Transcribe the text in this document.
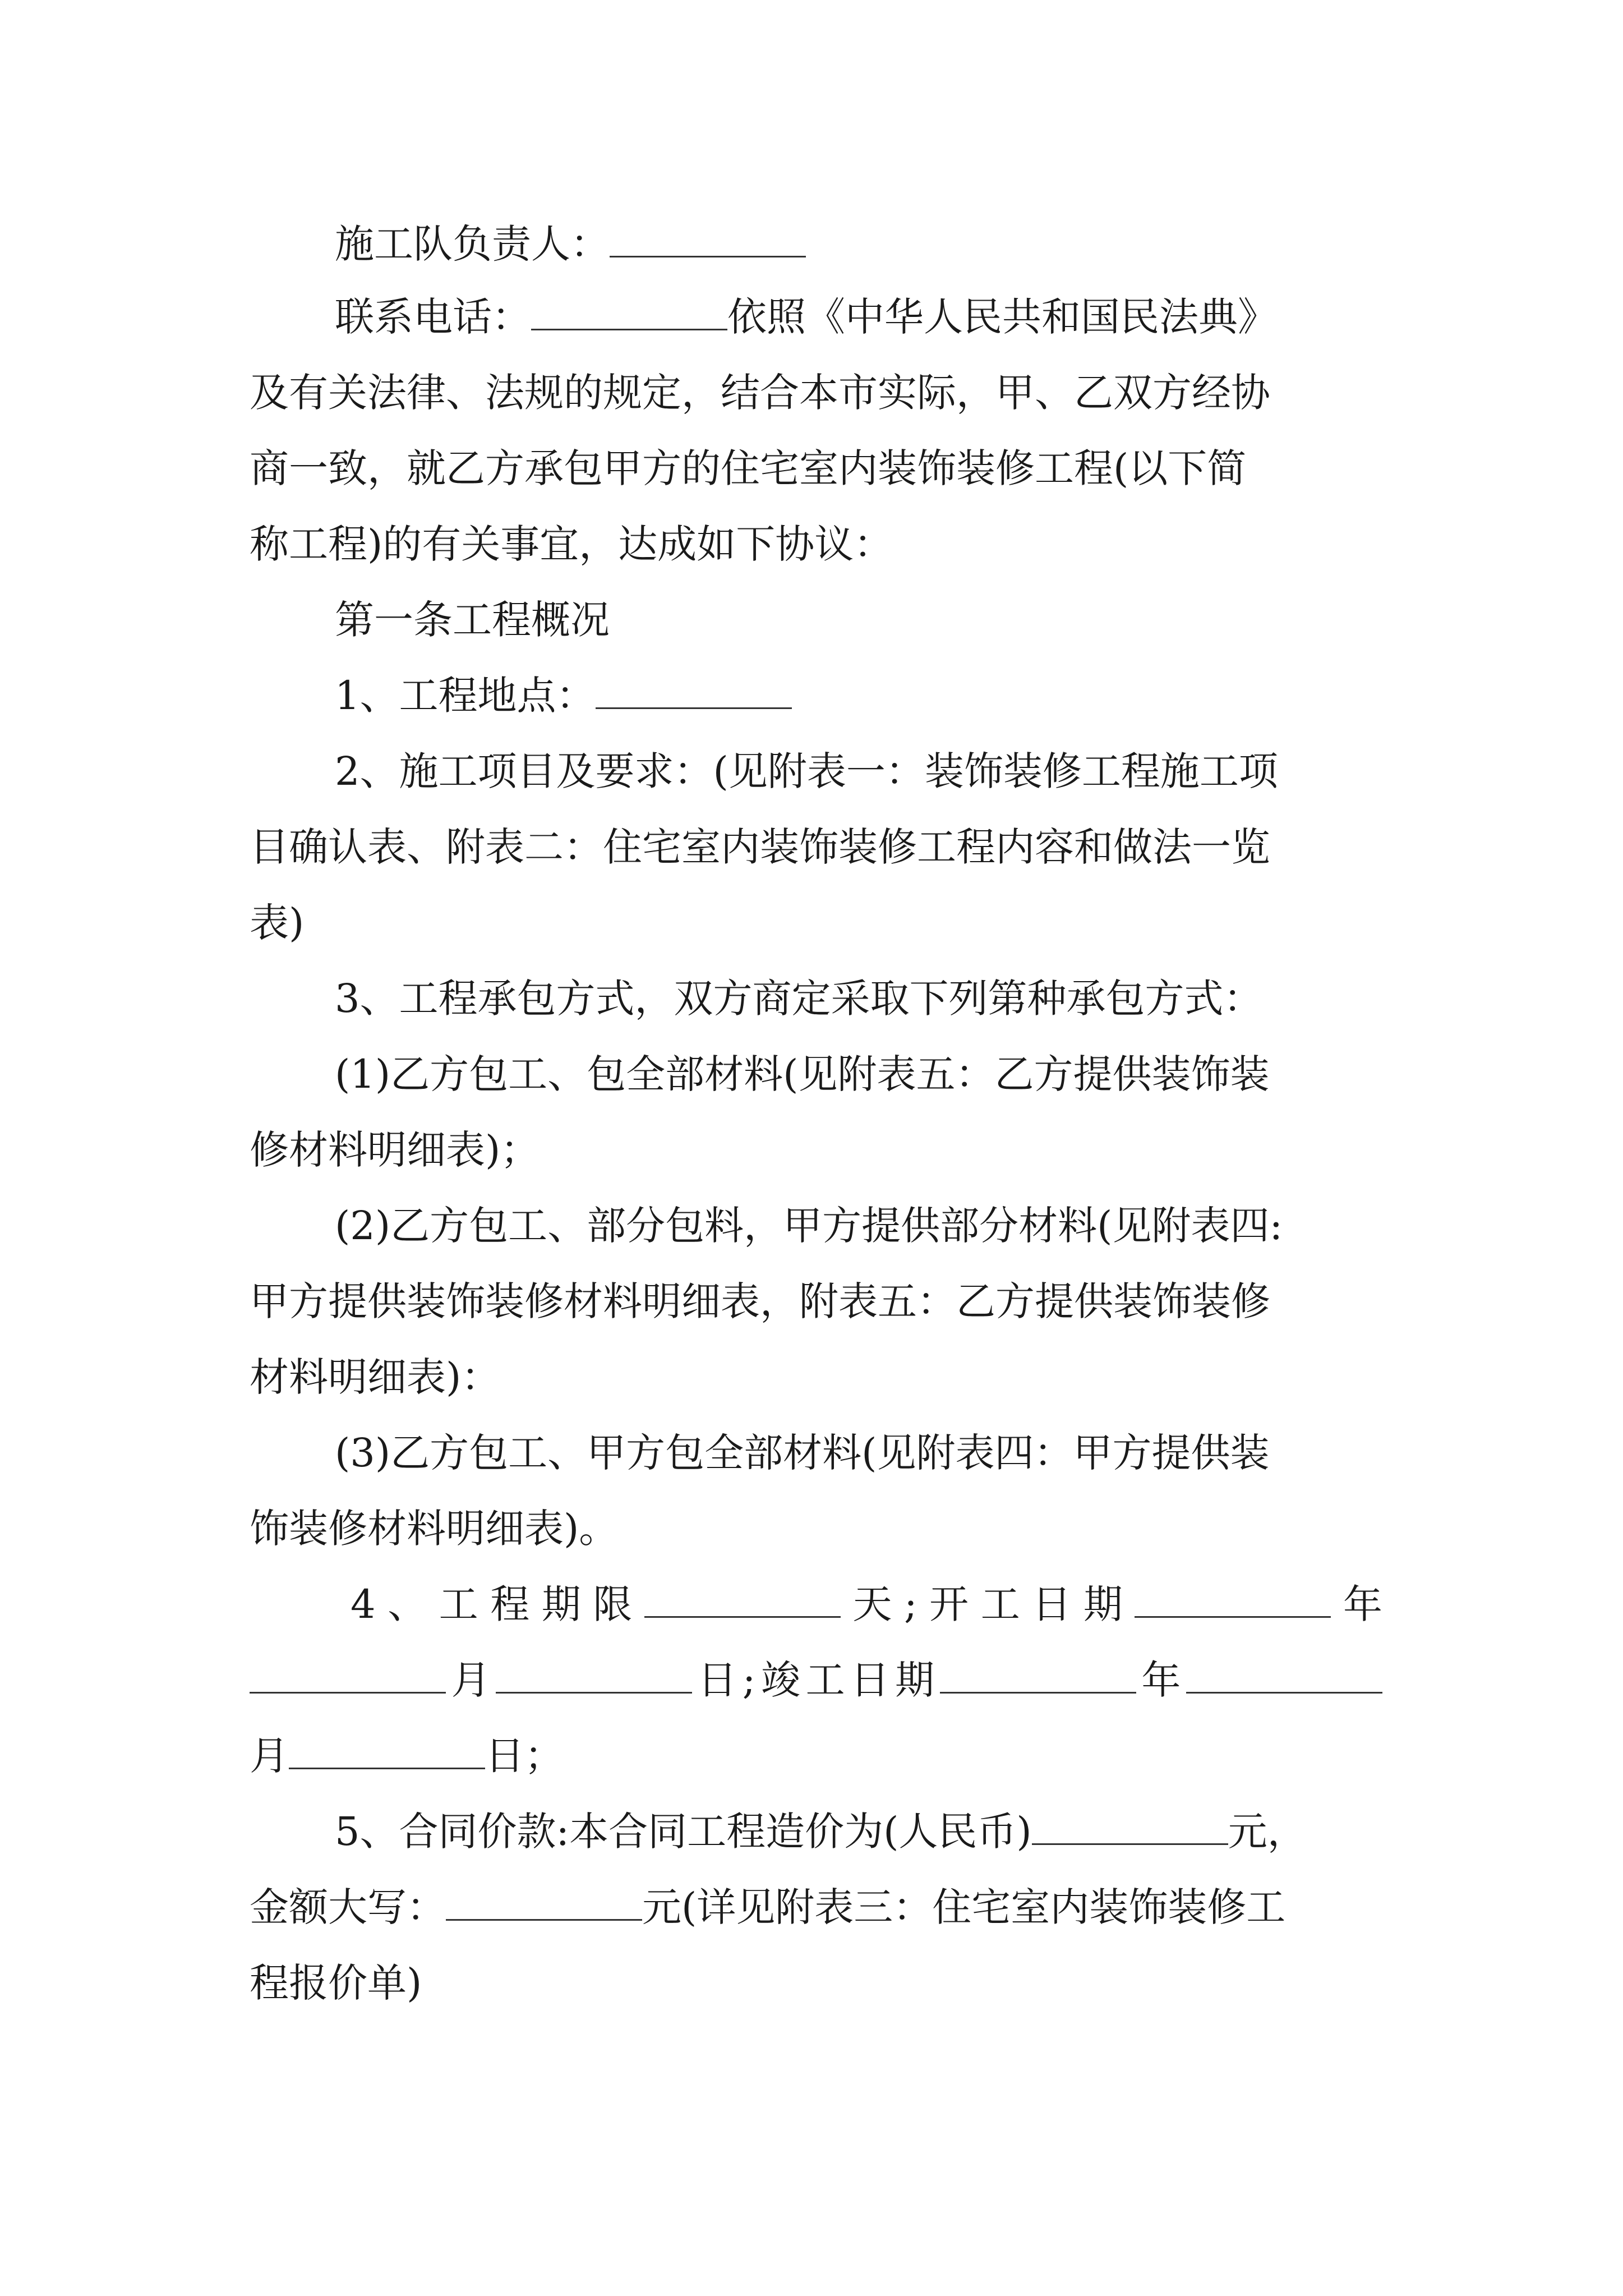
施工队负责人：
联系电话：	依照《中华人民共和国民法典》
及有关法律、法规的规定，结合本市实际，甲、乙双方经协
商一致，就乙方承包甲方的住宅室内装饰装修工程(以下简
称工程)的有关事宜，达成如下协议：
第一条工程概况
1、工程地点：
2、施工项目及要求：(见附表一：装饰装修工程施工项
目确认表、附表二：住宅室内装饰装修工程内容和做法一览
表)
3、工程承包方式，双方商定采取下列第种承包方式：
(1)乙方包工、包全部材料(见附表五：乙方提供装饰装
修材料明细表)；
(2)乙方包工、部分包料，甲方提供部分材料(见附表四:
甲方提供装饰装修材料明细表，附表五：乙方提供装饰装修
材料明细表)：
(3)乙方包工、甲方包全部材料(见附表四：甲方提供装
饰装修材料明细表)。
4、工程期限	天;开工日期	年
月	日;竣工日期	年
月	日；
5、合同价款:本合同工程造价为(人民币)	元，
金额大写：	元(详见附表三：住宅室内装饰装修工
程报价单)
